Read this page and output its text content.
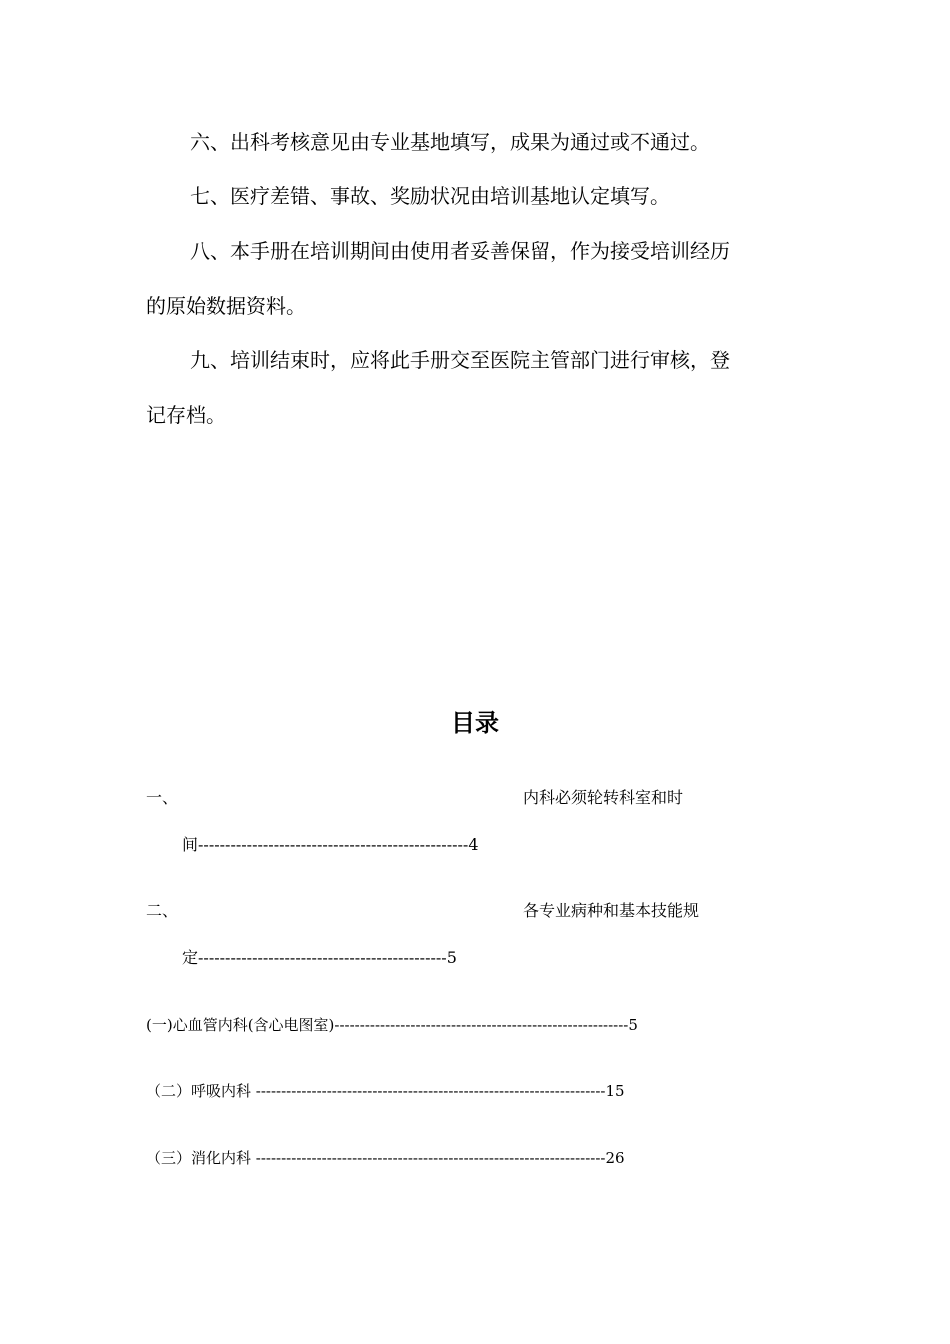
六、出科考核意见由专业基地填写，成果为通过或不通过。
七、医疗差错、事故、奖励状况由培训基地认定填写。
八、本手册在培训期间由使用者妥善保留，作为接受培训经历
的原始数据资料。
九、培训结束时，应将此手册交至医院主管部门进行审核，登
记存档。
目录
一、	内科必须轮转科室和时
间--------------------------------------------------4
二、	各专业病种和基本技能规
定----------------------------------------------5
(一)心血管内科(含心电图室)----------------------------------------------------------5
（二）呼吸内科 ---------------------------------------------------------------------15
（三）消化内科 ---------------------------------------------------------------------26
